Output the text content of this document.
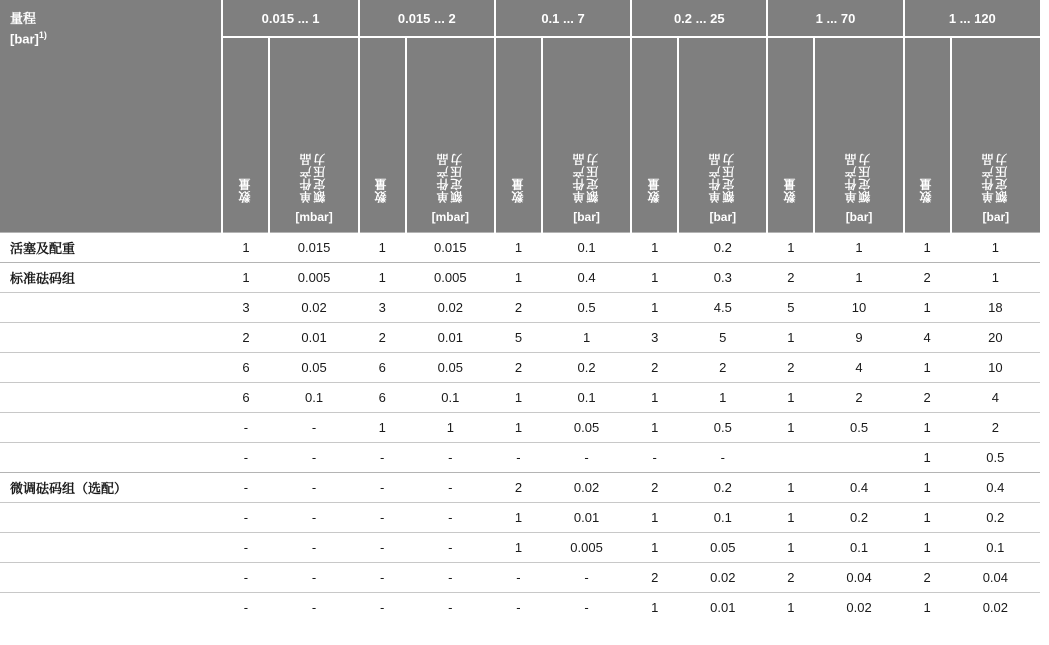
量程
[bar]$^{1)}$	0.015 ... 1		0.015 ... 2		0.1 ... 7		0.2 ... 25		1 ... 70		1 ... 120	

数量	单件产品
额定压力
[mbar]

数量	单件产品
额定压力
[mbar]

数量	单件产品
额定压力
[bar]

数量	单件产品
额定压力
[bar]

数量	单件产品
额定压力
[bar]

数量	单件产品
额定压力
[bar]

活塞及配重	1	0.015	1	0.015	1	0.1	1	0.2	1	1	1	1
标准砝码组	1	0.005	1	0.005	1	0.4	1	0.3	2	1	2	1
	3	0.02	3	0.02	2	0.5	1	4.5	5	10	1	18
	2	0.01	2	0.01	5	1	3	5	1	9	4	20
	6	0.05	6	0.05	2	0.2	2	2	2	4	1	10
	6	0.1	6	0.1	1	0.1	1	1	1	2	2	4
	-	-	1	1	1	0.05	1	0.5	1	0.5	1	2
	-	-	-	-	-	-	-	-			1	0.5
微调砝码组（选配）	-	-	-	-	2	0.02	2	0.2	1	0.4	1	0.4
	-	-	-	-	1	0.01	1	0.1	1	0.2	1	0.2
	-	-	-	-	1	0.005	1	0.05	1	0.1	1	0.1
	-	-	-	-	-	-	2	0.02	2	0.04	2	0.04
	-	-	-	-	-	-	1	0.01	1	0.02	1	0.02
